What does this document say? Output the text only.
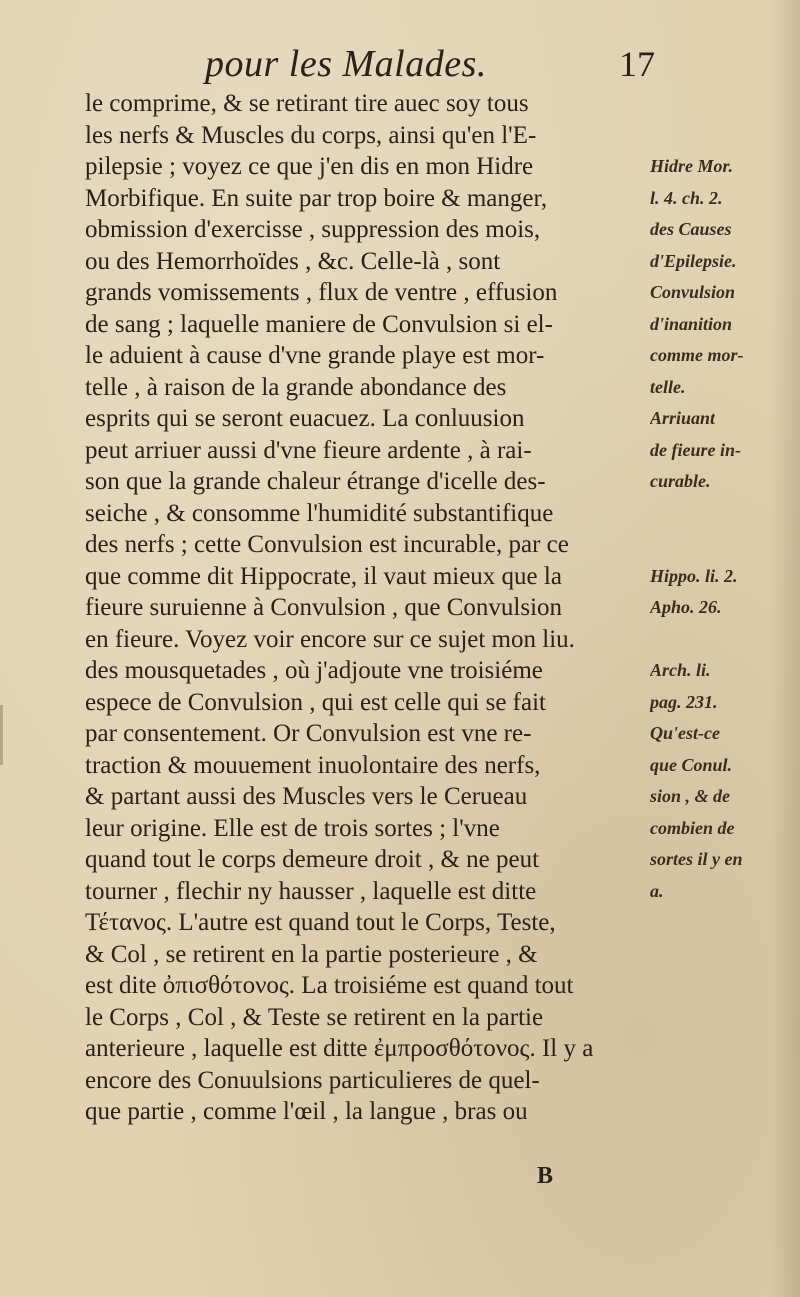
pour les Malades.	17
le comprime, & se retirant tire auec soy tous
les nerfs & Muscles du corps, ainsi qu'en l'E-
pilepsie ; voyez ce que j'en dis en mon Hidre
Morbifique. En suite par trop boire & manger,
obmission d'exercisse , suppression des mois,
ou des Hemorrhoïdes , &c. Celle-là , sont
grands vomissements , flux de ventre , effusion
de sang ; laquelle maniere de Convulsion si el-
le aduient à cause d'vne grande playe est mor-
telle , à raison de la grande abondance des
esprits qui se seront euacuez. La conluusion
peut arriuer aussi d'vne fieure ardente , à rai-
son que la grande chaleur étrange d'icelle des-
seiche , & consomme l'humidité substantifique
des nerfs ; cette Convulsion est incurable, par ce
que comme dit Hippocrate, il vaut mieux que la
fieure suruienne à Convulsion , que Convulsion
en fieure. Voyez voir encore sur ce sujet mon liu.
des mousquetades , où j'adjoute vne troisiéme
espece de Convulsion , qui est celle qui se fait
par consentement. Or Convulsion est vne re-
traction & mouuement inuolontaire des nerfs,
& partant aussi des Muscles vers le Cerueau
leur origine. Elle est de trois sortes ; l'vne
quand tout le corps demeure droit , & ne peut
tourner , flechir ny hausser , laquelle est ditte
Τέτανος. L'autre est quand tout le Corps, Teste,
& Col , se retirent en la partie posterieure , &
est dite ὀπισθότονος. La troisiéme est quand tout
le Corps , Col , & Teste se retirent en la partie
anterieure , laquelle est ditte ἐμπροσθότονος. Il y a
encore des Conuulsions particulieres de quel-
que partie , comme l'œil , la langue , bras ou
Hidre Mor.
l. 4. ch. 2.
des Causes
d'Epilepsie.
Convulsion
d'inanition
comme mor-
telle.
Arriuant
de fieure in-
curable.
Hippo. li. 2.
Apho. 26.
Arch. li.
pag. 231.
Qu'est-ce
que Conul.
sion , & de
combien de
sortes il y en
a.
B
